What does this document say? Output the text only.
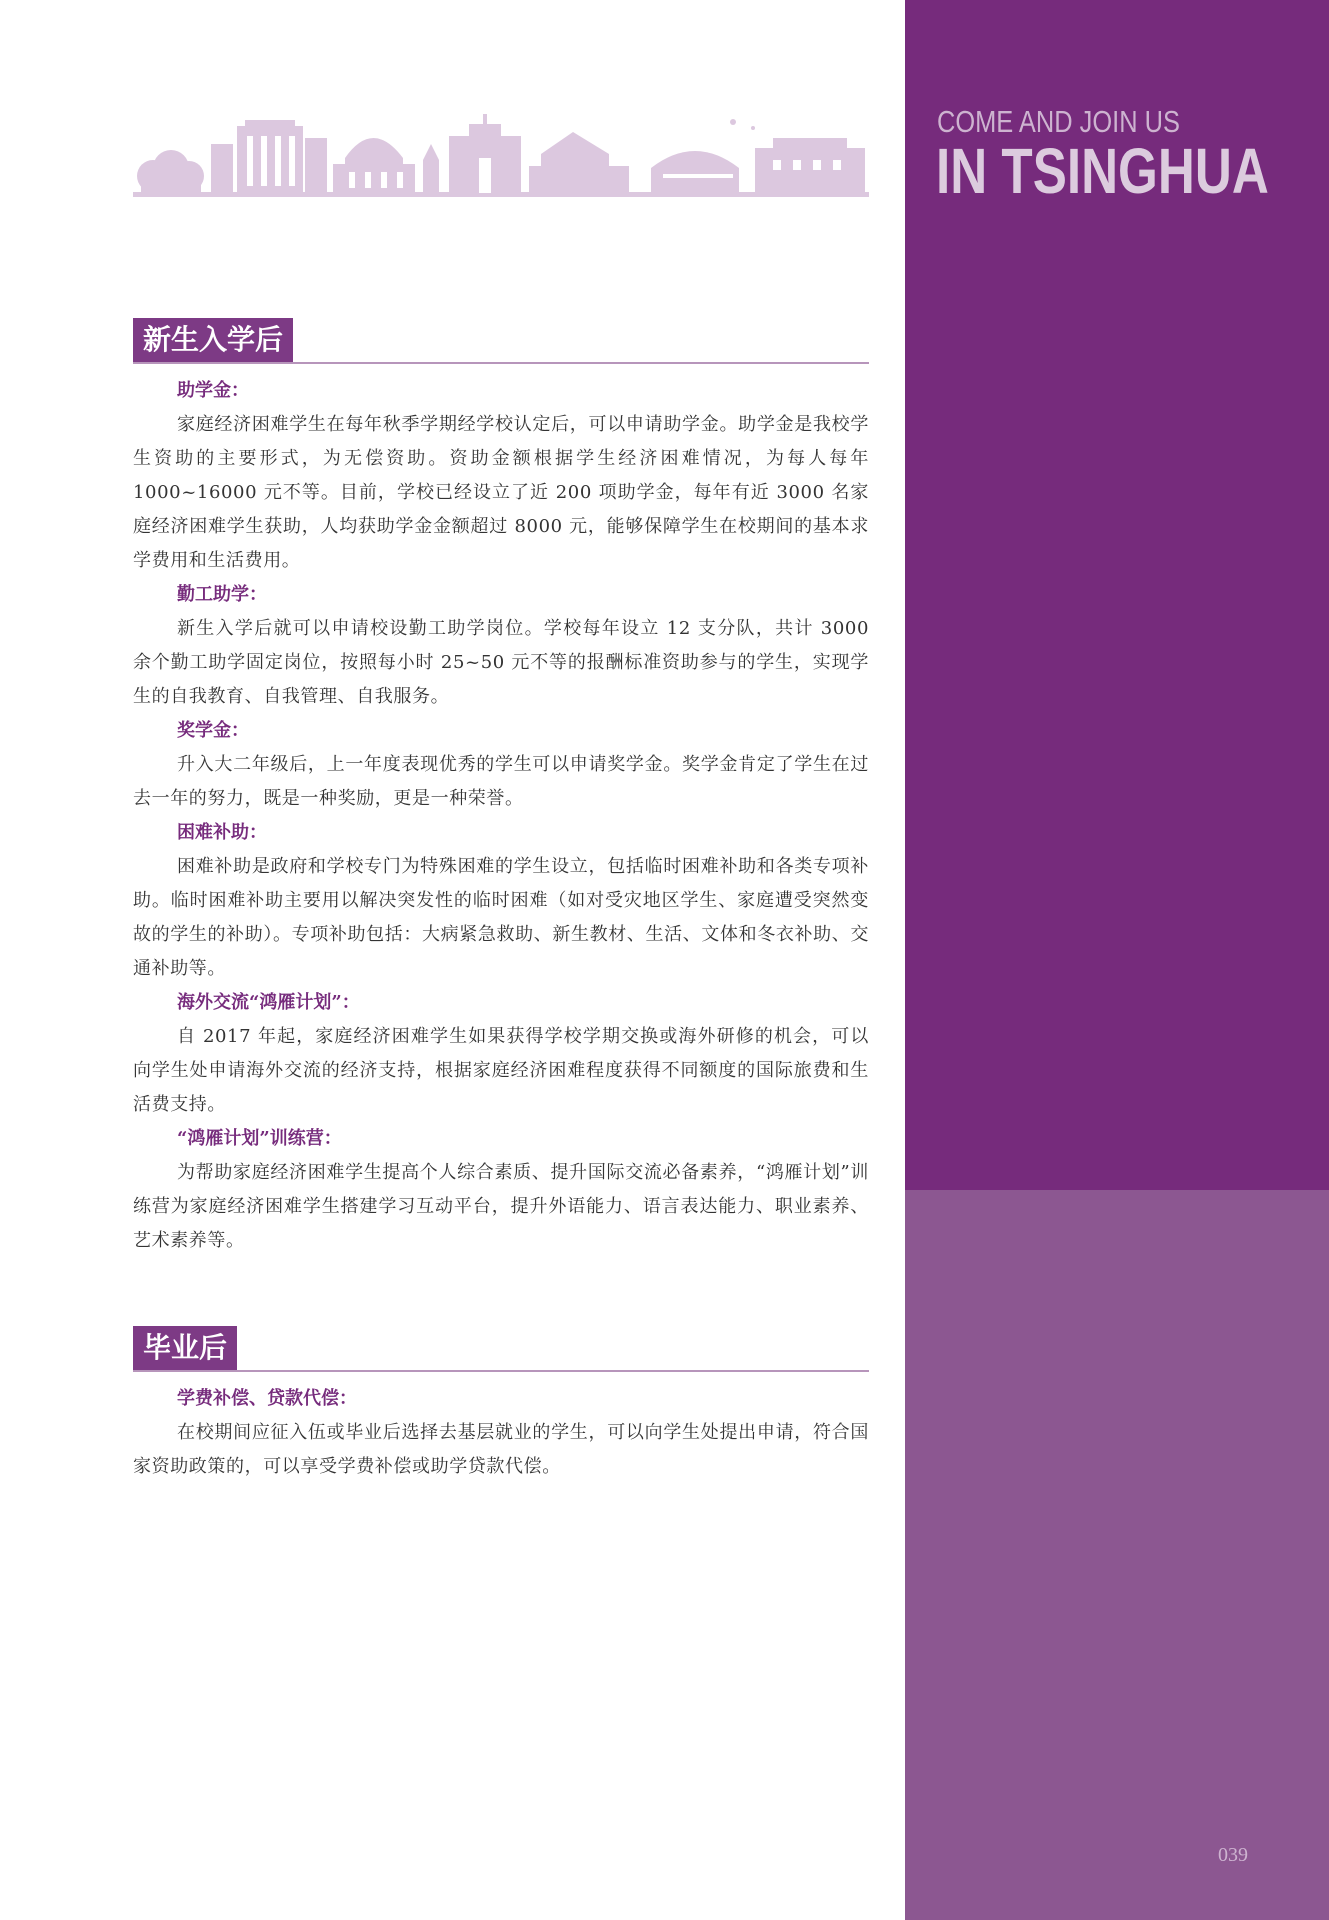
COME AND JOIN US
IN TSINGHUA
新生入学后

助学金：

家庭经济困难学生在每年秋季学期经学校认定后，可以申请助学金。助学金是我校学生资助的主要形式，为无偿资助。资助金额根据学生经济困难情况，为每人每年 1000~16000 元不等。目前，学校已经设立了近 200 项助学金，每年有近 3000 名家庭经济困难学生获助，人均获助学金金额超过 8000 元，能够保障学生在校期间的基本求学费用和生活费用。

勤工助学：

新生入学后就可以申请校设勤工助学岗位。学校每年设立 12 支分队，共计 3000 余个勤工助学固定岗位，按照每小时 25~50 元不等的报酬标准资助参与的学生，实现学生的自我教育、自我管理、自我服务。

奖学金：

升入大二年级后，上一年度表现优秀的学生可以申请奖学金。奖学金肯定了学生在过去一年的努力，既是一种奖励，更是一种荣誉。

困难补助：

困难补助是政府和学校专门为特殊困难的学生设立，包括临时困难补助和各类专项补助。临时困难补助主要用以解决突发性的临时困难（如对受灾地区学生、家庭遭受突然变故的学生的补助）。专项补助包括：大病紧急救助、新生教材、生活、文体和冬衣补助、交通补助等。

海外交流“鸿雁计划”：

自 2017 年起，家庭经济困难学生如果获得学校学期交换或海外研修的机会，可以向学生处申请海外交流的经济支持，根据家庭经济困难程度获得不同额度的国际旅费和生活费支持。

“鸿雁计划”训练营：

为帮助家庭经济困难学生提高个人综合素质、提升国际交流必备素养，“鸿雁计划”训练营为家庭经济困难学生搭建学习互动平台，提升外语能力、语言表达能力、职业素养、艺术素养等。

毕业后

学费补偿、贷款代偿：

在校期间应征入伍或毕业后选择去基层就业的学生，可以向学生处提出申请，符合国家资助政策的，可以享受学费补偿或助学贷款代偿。

039
